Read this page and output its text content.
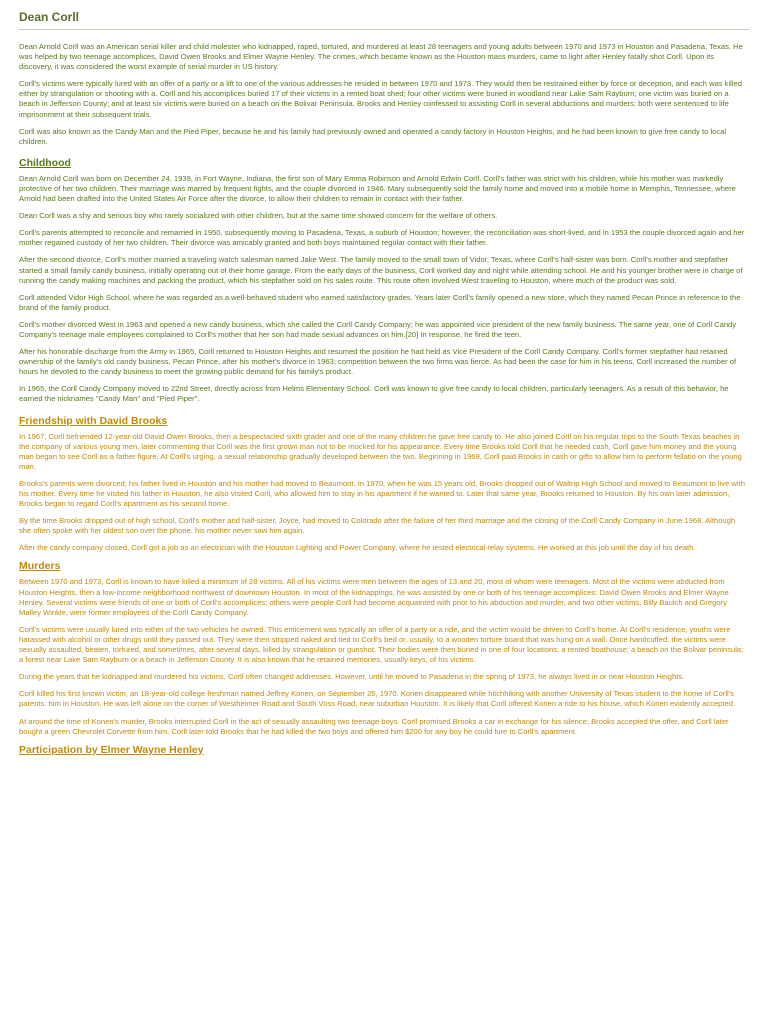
Dean Corll

Dean Arnold Corll was an American serial killer and child molester who kidnapped, raped, tortured, and murdered at least 28 teenagers and young adults between 1970 and 1973 in Houston and Pasadena, Texas. He was helped by two teenage accomplices, David Owen Brooks and Elmer Wayne Henley. The crimes, which became known as the Houston mass murders, came to light after Henley fatally shot Corll. Upon its discovery, it was considered the worst example of serial murder in US history.

Corll's victims were typically lured with an offer of a party or a lift to one of the various addresses he resided in between 1970 and 1973. They would then be restrained either by force or deception, and each was killed either by strangulation or shooting with a. Corll and his accomplices buried 17 of their victims in a rented boat shed; four other victims were buried in woodland near Lake Sam Rayburn; one victim was buried on a beach in Jefferson County; and at least six victims were buried on a beach on the Bolivar Peninsula. Brooks and Henley confessed to assisting Corll in several abductions and murders; both were sentenced to life imprisonment at their subsequent trials.

Corll was also known as the Candy Man and the Pied Piper, because he and his family had previously owned and operated a candy factory in Houston Heights, and he had been known to give free candy to local children.

Childhood

Dean Arnold Corll was born on December 24, 1939, in Fort Wayne, Indiana, the first son of Mary Emma Robinson and Arnold Edwin Corll. Corll's father was strict with his children, while his mother was markedly protective of her two children. Their marriage was marred by frequent fights, and the couple divorced in 1946. Mary subsequently sold the family home and moved into a mobile home in Memphis, Tennessee, where Arnold had been drafted into the United States Air Force after the divorce, to allow their children to remain in contact with their father.

Dean Corll was a shy and serious boy who rarely socialized with other children, but at the same time showed concern for the welfare of others.

Corll's parents attempted to reconcile and remarried in 1950, subsequently moving to Pasadena, Texas, a suburb of Houston; however, the reconciliation was short-lived, and in 1953 the couple divorced again and her mother regained custody of her two children. Their divorce was amicably granted and both boys maintained regular contact with their father.

After the second divorce, Corll's mother married a traveling watch salesman named Jake West. The family moved to the small town of Vidor, Texas, where Corll's half-sister was born. Corll's mother and stepfather started a small family candy business, initially operating out of their home garage. From the early days of the business, Corll worked day and night while attending school. He and his younger brother were in charge of running the candy making machines and packing the product, which his stepfather sold on his sales route. This route often involved West traveling to Houston, where much of the product was sold.

Corll attended Vidor High School, where he was regarded as a well-behaved student who earned satisfactory grades. Years later Corll's family opened a new store, which they named Pecan Prince in reference to the brand of the family product.

Corll's mother divorced West in 1963 and opened a new candy business, which she called the Corll Candy Company; he was appointed vice president of the new family business. The same year, one of Corll Candy Company's teenage male employees complained to Corll's mother that her son had made sexual advances on him.[20] In response, he fired the teen.

After his honorable discharge from the Army in 1965, Corll returned to Houston Heights and resumed the position he had held as Vice President of the Corll Candy Company. Corll's former stepfather had retained ownership of the family's old candy business, Pecan Prince, after his mother's divorce in 1963; competition between the two firms was fierce. As had been the case for him in his teens, Corll increased the number of hours he devoted to the candy business to meet the growing public demand for his family's product.

In 1965, the Corll Candy Company moved to 22nd Street, directly across from Helms Elementary School. Corll was known to give free candy to local children, particularly teenagers. As a result of this behavior, he earned the nicknames "Candy Man" and "Pied Piper".

Friendship with David Brooks

In 1967, Corll befriended 12-year-old David Owen Brooks, then a bespectacled sixth grader and one of the many children he gave free candy to. He also joined Corll on his regular trips to the South Texas beaches in the company of various young men, later commenting that Corll was the first grown man not to be mocked for his appearance. Every time Brooks told Corll that he needed cash, Corll gave him money and the young man began to see Corll as a father figure. At Corll's urging, a sexual relationship gradually developed between the two. Beginning in 1969, Corll paid Brooks in cash or gifts to allow him to perform fellatio on the young man.

Brooks's parents were divorced; his father lived in Houston and his mother had moved to Beaumont. In 1970, when he was 15 years old, Brooks dropped out of Waltrip High School and moved to Beaumont to live with his mother. Every time he visited his father in Houston, he also visited Corll, who allowed him to stay in his apartment if he wanted to. Later that same year, Brooks returned to Houston. By his own later admission, Brooks began to regard Corll's apartment as his second home.

By the time Brooks dropped out of high school, Corll's mother and half-sister, Joyce, had moved to Colorado after the failure of her third marriage and the closing of the Corll Candy Company in June 1968. Although she often spoke with her oldest son over the phone, his mother never saw him again.

After the candy company closed, Corll got a job as an electrician with the Houston Lighting and Power Company, where he tested electrical relay systems. He worked at this job until the day of his death.

Murders

Between 1970 and 1973, Corll is known to have killed a minimum of 28 victims. All of his victims were men between the ages of 13 and 20, most of whom were teenagers. Most of the victims were abducted from Houston Heights, then a low-income neighborhood northwest of downtown Houston. In most of the kidnappings, he was assisted by one or both of his teenage accomplices: David Owen Brooks and Elmer Wayne Henley. Several victims were friends of one or both of Corll's accomplices; others were people Corll had become acquainted with prior to his abduction and murder, and two other victims, Billy Baulch and Gregory Malley Winkle, were former employees of the Corll Candy Company.

Corll's victims were usually lured into either of the two vehicles he owned. This enticement was typically an offer of a party or a ride, and the victim would be driven to Corll's home. At Corll's residence, youths were harassed with alcohol or other drugs until they passed out. They were then stripped naked and tied to Corll's bed or, usually, to a wooden torture board that was hung on a wall. Once handcuffed, the victims were sexually assaulted, beaten, tortured, and sometimes, after several days, killed by strangulation or gunshot. Their bodies were then buried in one of four locations: a rented boathouse; a beach on the Bolivar peninsula; a forest near Lake Sam Rayburn or a beach in Jefferson County. It is also known that he retained memories, usually keys, of his victims.

During the years that he kidnapped and murdered his victims, Corll often changed addresses. However, until he moved to Pasadena in the spring of 1973, he always lived in or near Houston Heights.

Corll killed his first known victim, an 18-year-old college freshman named Jeffrey Konen, on September 25, 1970. Konen disappeared while hitchhiking with another University of Texas student to the home of Corll's parents. him in Houston. He was left alone on the corner of Westheimer Road and South Voss Road, near suburban Houston. It is likely that Corll offered Konen a ride to his house, which Konen evidently accepted.

At around the time of Konen's murder, Brooks interrupted Corll in the act of sexually assaulting two teenage boys. Corll promised Brooks a car in exchange for his silence; Brooks accepted the offer, and Corll later bought a green Chevrolet Corvette from him. Corll later told Brooks that he had killed the two boys and offered him $200 for any boy he could lure to Corll's apartment.

Participation by Elmer Wayne Henley
